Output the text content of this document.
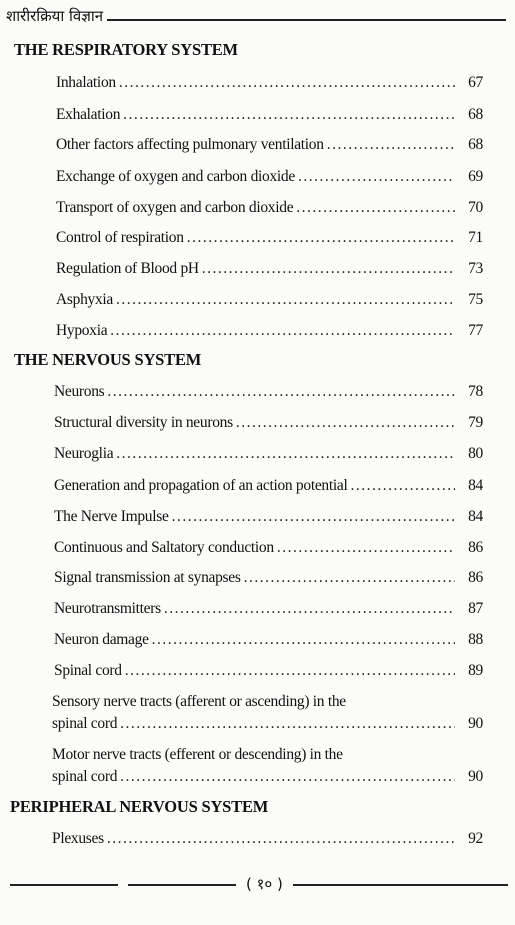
शारीरक्रिया विज्ञान
THE RESPIRATORY SYSTEM
Inhalation .....	67
Exhalation .....	68
Other factors affecting pulmonary ventilation .....	68
Exchange of oxygen and carbon dioxide .....	69
Transport of oxygen and carbon dioxide .....	70
Control of respiration .....	71
Regulation of Blood pH .....	73
Asphyxia .....	75
Hypoxia .....	77
THE NERVOUS SYSTEM
Neurons .....	78
Structural diversity in neurons .....	79
Neuroglia .....	80
Generation and propagation of an action potential .....	84
The Nerve Impulse .....	84
Continuous and Saltatory conduction .....	86
Signal transmission at synapses .....	86
Neurotransmitters .....	87
Neuron damage .....	88
Spinal cord .....	89
Sensory nerve tracts (afferent or ascending) in the
spinal cord .....	90
Motor nerve tracts (efferent or descending) in the
spinal cord .....	90
PERIPHERAL NERVOUS SYSTEM
Plexuses .....	92
( १० )
